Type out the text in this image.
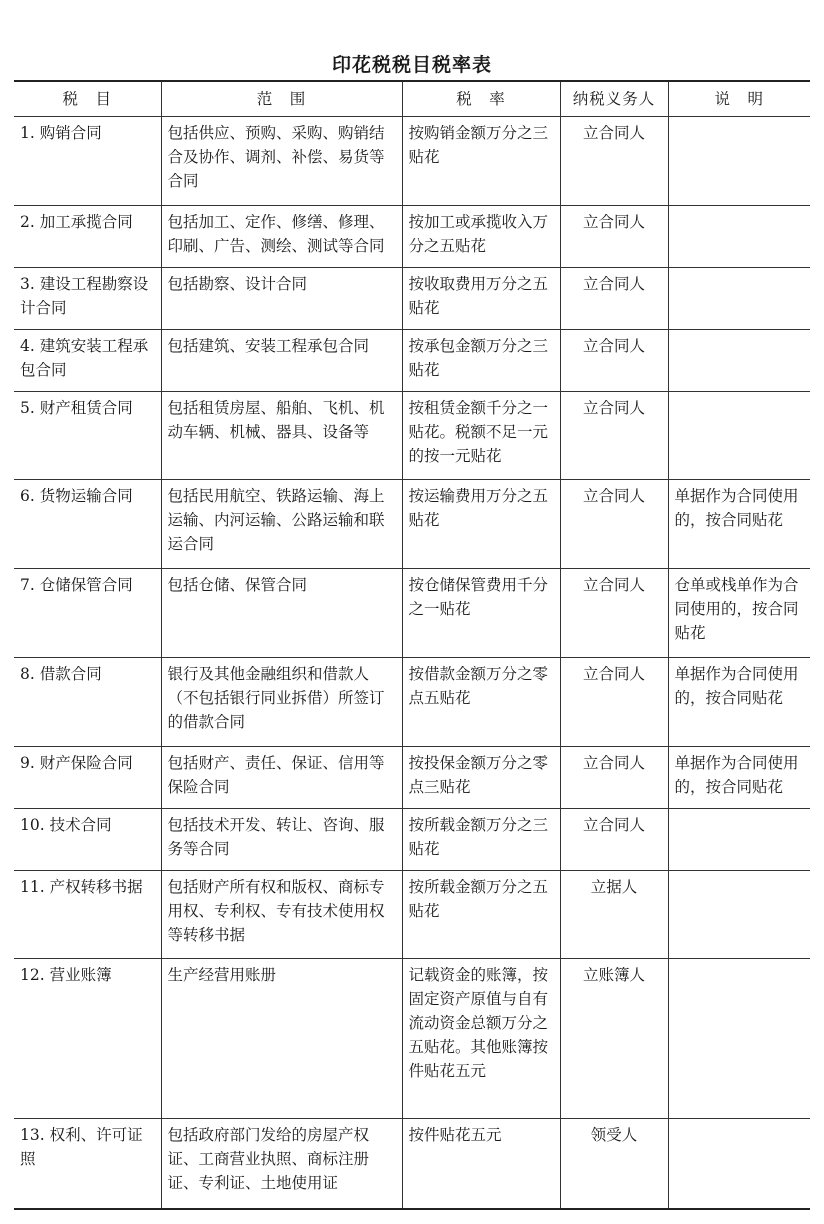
印花税税目税率表
税　目	范　围	税　率	纳税义务人	说　明
1. 购销合同	包括供应、预购、采购、购销结合及协作、调剂、补偿、易货等合同	按购销金额万分之三贴花	立合同人	
2. 加工承揽合同	包括加工、定作、修缮、修理、印刷、广告、测绘、测试等合同	按加工或承揽收入万分之五贴花	立合同人	
3. 建设工程勘察设计合同	包括勘察、设计合同	按收取费用万分之五贴花	立合同人	
4. 建筑安装工程承包合同	包括建筑、安装工程承包合同	按承包金额万分之三贴花	立合同人	
5. 财产租赁合同	包括租赁房屋、船舶、飞机、机动车辆、机械、器具、设备等	按租赁金额千分之一贴花。税额不足一元的按一元贴花	立合同人	
6. 货物运输合同	包括民用航空、铁路运输、海上运输、内河运输、公路运输和联运合同	按运输费用万分之五贴花	立合同人	单据作为合同使用的，按合同贴花
7. 仓储保管合同	包括仓储、保管合同	按仓储保管费用千分之一贴花	立合同人	仓单或栈单作为合同使用的，按合同贴花
8. 借款合同	银行及其他金融组织和借款人（不包括银行同业拆借）所签订的借款合同	按借款金额万分之零点五贴花	立合同人	单据作为合同使用的，按合同贴花
9. 财产保险合同	包括财产、责任、保证、信用等保险合同	按投保金额万分之零点三贴花	立合同人	单据作为合同使用的，按合同贴花
10. 技术合同	包括技术开发、转让、咨询、服务等合同	按所载金额万分之三贴花	立合同人	
11. 产权转移书据	包括财产所有权和版权、商标专用权、专利权、专有技术使用权等转移书据	按所载金额万分之五贴花	立据人	
12. 营业账簿	生产经营用账册	记载资金的账簿，按固定资产原值与自有流动资金总额万分之五贴花。其他账簿按件贴花五元	立账簿人	
13. 权利、许可证照	包括政府部门发给的房屋产权证、工商营业执照、商标注册证、专利证、土地使用证	按件贴花五元	领受人	
